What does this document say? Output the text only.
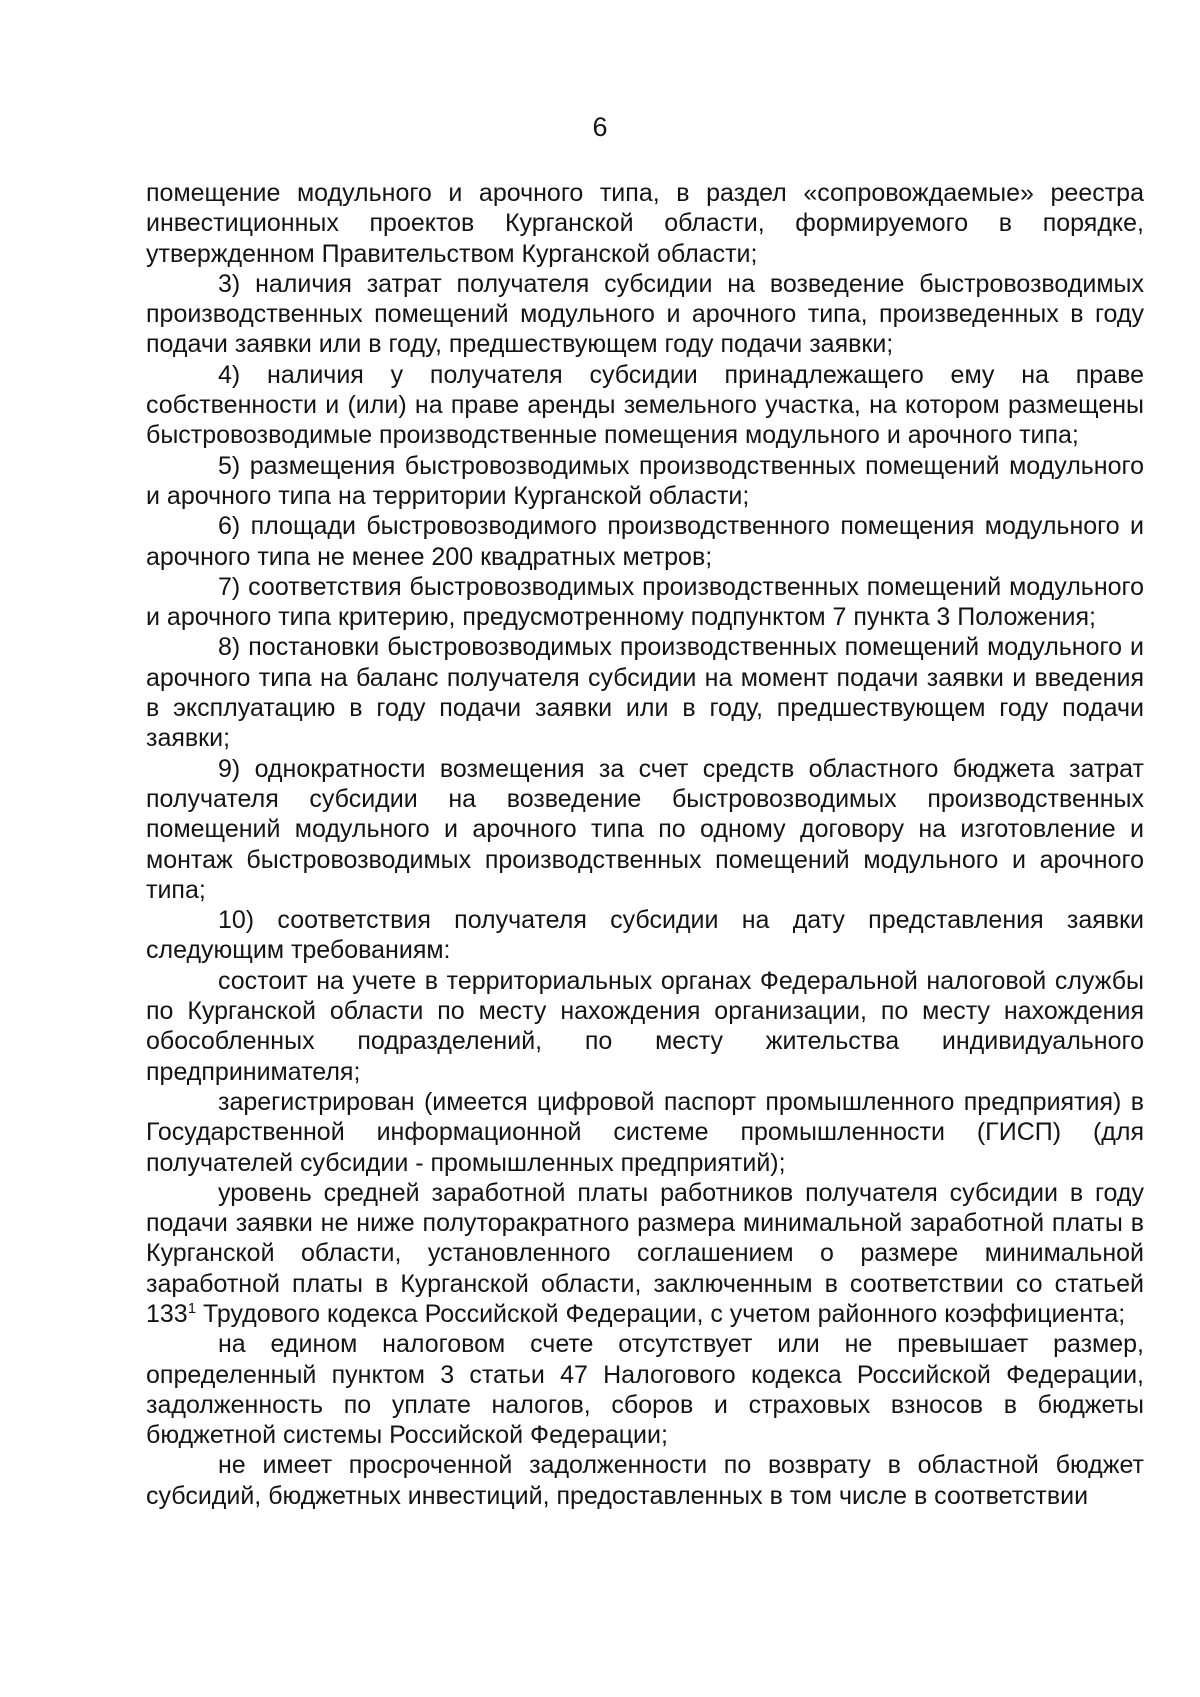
6

помещение модульного и арочного типа, в раздел «сопровождаемые» реестра инвестиционных проектов Курганской области, формируемого в порядке, утвержденном Правительством Курганской области;

3) наличия затрат получателя субсидии на возведение быстровозводимых производственных помещений модульного и арочного типа, произведенных в году подачи заявки или в году, предшествующем году подачи заявки;

4) наличия у получателя субсидии принадлежащего ему на праве собственности и (или) на праве аренды земельного участка, на котором размещены быстровозводимые производственные помещения модульного и арочного типа;

5) размещения быстровозводимых производственных помещений модульного и арочного типа на территории Курганской области;

6) площади быстровозводимого производственного помещения модульного и арочного типа не менее 200 квадратных метров;

7) соответствия быстровозводимых производственных помещений модульного и арочного типа критерию, предусмотренному подпунктом 7 пункта 3 Положения;

8) постановки быстровозводимых производственных помещений модульного и арочного типа на баланс получателя субсидии на момент подачи заявки и введения в эксплуатацию в году подачи заявки или в году, предшествующем году подачи заявки;

9) однократности возмещения за счет средств областного бюджета затрат получателя субсидии на возведение быстровозводимых производственных помещений модульного и арочного типа по одному договору на изготовление и монтаж быстровозводимых производственных помещений модульного и арочного типа;

10) соответствия получателя субсидии на дату представления заявки следующим требованиям:

состоит на учете в территориальных органах Федеральной налоговой службы по Курганской области по месту нахождения организации, по месту нахождения обособленных подразделений, по месту жительства индивидуального предпринимателя;

зарегистрирован (имеется цифровой паспорт промышленного предприятия) в Государственной информационной системе промышленности (ГИСП) (для получателей субсидии - промышленных предприятий);

уровень средней заработной платы работников получателя субсидии в году подачи заявки не ниже полуторакратного размера минимальной заработной платы в Курганской области, установленного соглашением о размере минимальной заработной платы в Курганской области, заключенным в соответствии со статьей $133^1$ Трудового кодекса Российской Федерации, с учетом районного коэффициента;

на едином налоговом счете отсутствует или не превышает размер, определенный пунктом 3 статьи 47 Налогового кодекса Российской Федерации, задолженность по уплате налогов, сборов и страховых взносов в бюджеты бюджетной системы Российской Федерации;

не имеет просроченной задолженности по возврату в областной бюджет субсидий, бюджетных инвестиций, предоставленных в том числе в соответствии
